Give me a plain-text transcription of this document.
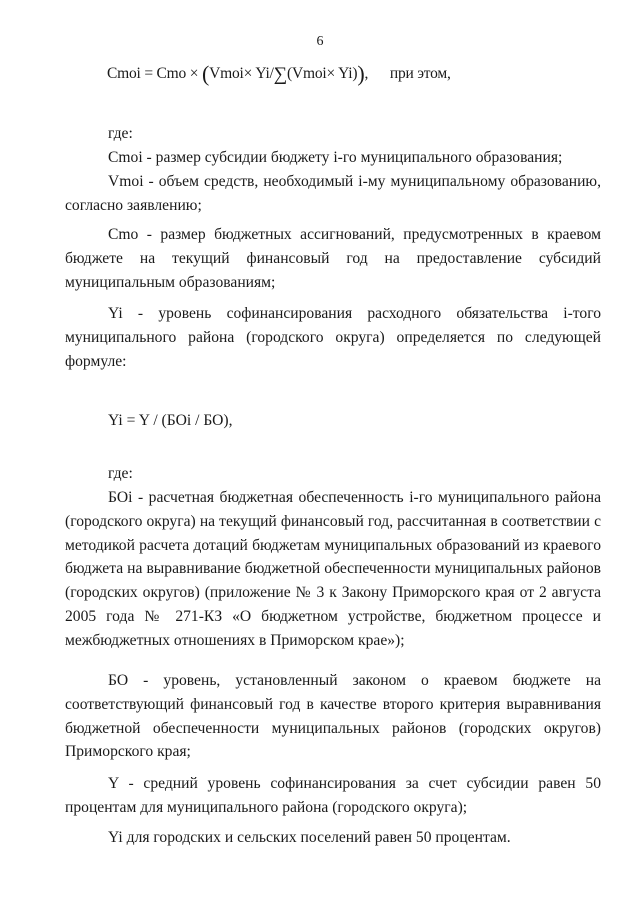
6
Cmoi = Cmo × (Vmoi× Yi/∑(Vmoi× Yi)), при этом,
где:
Cmoi - размер субсидии бюджету i-го муниципального образования;
Vmoi - объем средств, необходимый i-му муниципальному образованию, согласно заявлению;
Cmo - размер бюджетных ассигнований, предусмотренных в краевом бюджете на текущий финансовый год на предоставление субсидий муниципальным образованиям;
Yi - уровень софинансирования расходного обязательства i-того муниципального района (городского округа) определяется по следующей формуле:
Yi = Y / (БОi / БО),
где:
БОi - расчетная бюджетная обеспеченность i-го муниципального района (городского округа) на текущий финансовый год, рассчитанная в соответствии с методикой расчета дотаций бюджетам муниципальных образований из краевого бюджета на выравнивание бюджетной обеспеченности муниципальных районов (городских округов) (приложение № 3 к Закону Приморского края от 2 августа 2005 года № 271-КЗ «О бюджетном устройстве, бюджетном процессе и межбюджетных отношениях в Приморском крае»);
БО - уровень, установленный законом о краевом бюджете на соответствующий финансовый год в качестве второго критерия выравнивания бюджетной обеспеченности муниципальных районов (городских округов) Приморского края;
Y - средний уровень софинансирования за счет субсидии равен 50 процентам для муниципального района (городского округа);
Yi для городских и сельских поселений равен 50 процентам.
